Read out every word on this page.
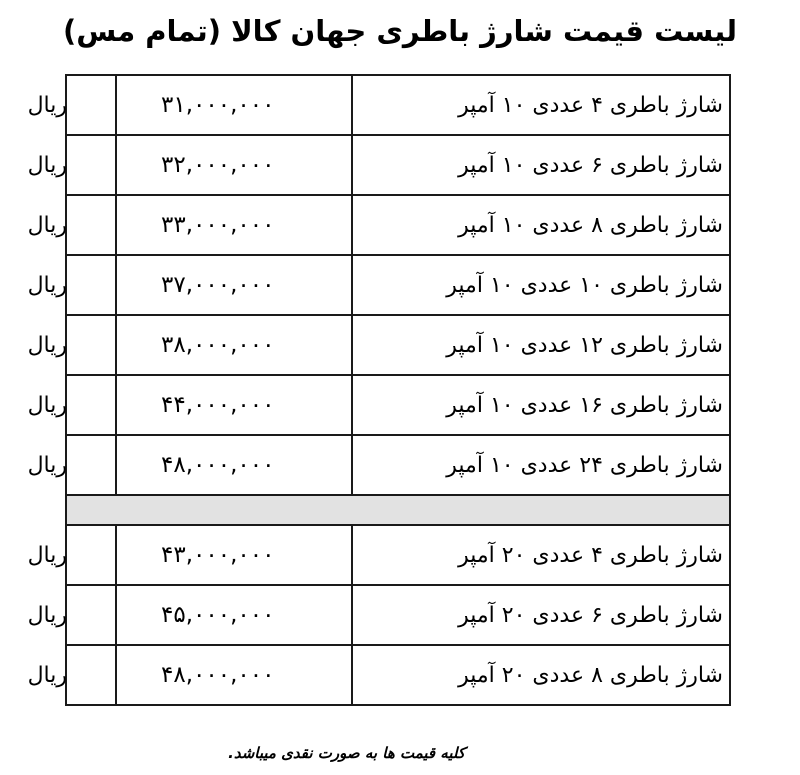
لیست قیمت شارژ باطری جهان کالا (تمام مس)
شارژ باطری ۴ عددی ۱۰ آمپر	۳۱,۰۰۰,۰۰۰	ریال
شارژ باطری ۶ عددی ۱۰ آمپر	۳۲,۰۰۰,۰۰۰	ریال
شارژ باطری ۸ عددی ۱۰ آمپر	۳۳,۰۰۰,۰۰۰	ریال
شارژ باطری ۱۰ عددی ۱۰ آمپر	۳۷,۰۰۰,۰۰۰	ریال
شارژ باطری ۱۲ عددی ۱۰ آمپر	۳۸,۰۰۰,۰۰۰	ریال
شارژ باطری ۱۶ عددی ۱۰ آمپر	۴۴,۰۰۰,۰۰۰	ریال
شارژ باطری ۲۴ عددی ۱۰ آمپر	۴۸,۰۰۰,۰۰۰	ریال

شارژ باطری ۴ عددی ۲۰ آمپر	۴۳,۰۰۰,۰۰۰	ریال
شارژ باطری ۶ عددی ۲۰ آمپر	۴۵,۰۰۰,۰۰۰	ریال
شارژ باطری ۸ عددی ۲۰ آمپر	۴۸,۰۰۰,۰۰۰	ریال
کلیه قیمت ها به صورت نقدی میباشد.
